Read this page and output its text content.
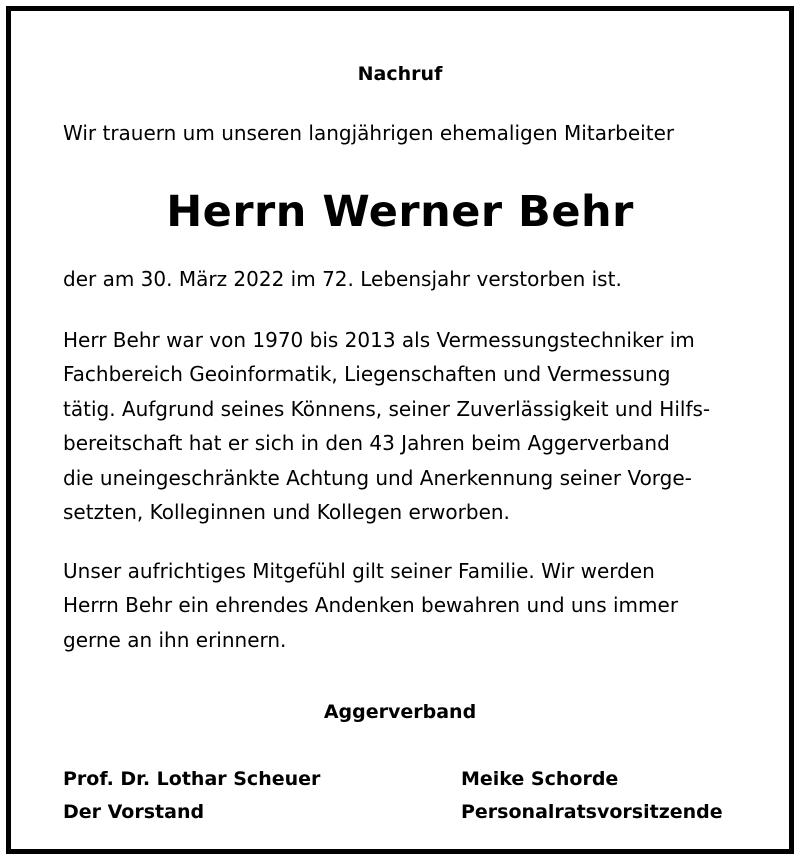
Nachruf
Wir trauern um unseren langjährigen ehemaligen Mitarbeiter
Herrn Werner Behr
der am 30. März 2022 im 72. Lebensjahr verstorben ist.
Herr Behr war von 1970 bis 2013 als Vermessungstechniker im
Fachbereich Geoinformatik, Liegenschaften und Vermessung
tätig. Aufgrund seines Könnens, seiner Zuverlässigkeit und Hilfs-
bereitschaft hat er sich in den 43 Jahren beim Aggerverband
die uneingeschränkte Achtung und Anerkennung seiner Vorge-
setzten, Kolleginnen und Kollegen erworben.
Unser aufrichtiges Mitgefühl gilt seiner Familie. Wir werden
Herrn Behr ein ehrendes Andenken bewahren und uns immer
gerne an ihn erinnern.
Aggerverband
Prof. Dr. Lothar Scheuer
Der Vorstand
Meike Schorde
Personalratsvorsitzende
